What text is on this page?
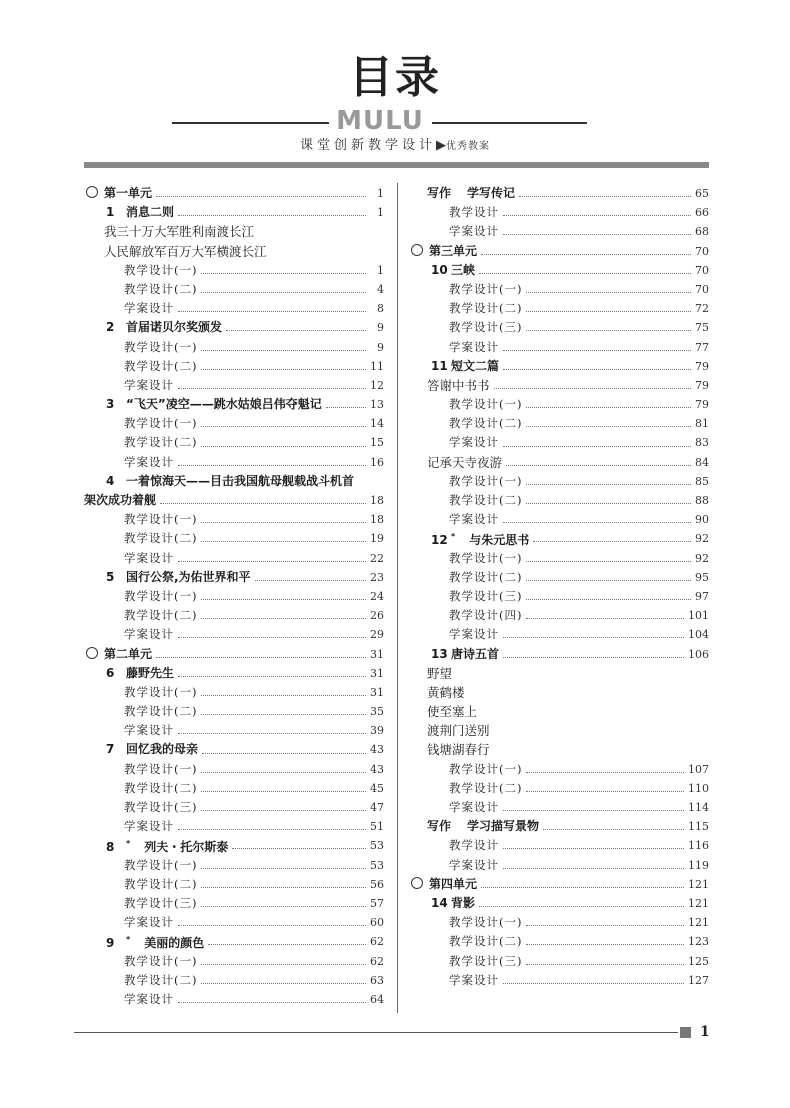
目录
MULU
课堂创新教学设计▶优秀教案
第一单元	1
1 消息二则	1
我三十万大军胜利南渡长江
人民解放军百万大军横渡长江
教学设计(一)	1
教学设计(二)	4
学案设计	8
2 首届诺贝尔奖颁发	9
教学设计(一)	9
教学设计(二)	11
学案设计	12
3 “飞天”凌空——跳水姑娘吕伟夺魁记	13
教学设计(一)	14
教学设计(二)	15
学案设计	16
4 一着惊海天——目击我国航母舰载战斗机首
架次成功着舰	18
教学设计(一)	18
教学设计(二)	19
学案设计	22
5 国行公祭,为佑世界和平	23
教学设计(一)	24
教学设计(二)	26
学案设计	29
第二单元	31
6 藤野先生	31
教学设计(一)	31
教学设计(二)	35
学案设计	39
7 回忆我的母亲	43
教学设计(一)	43
教学设计(二)	45
教学设计(三)	47
学案设计	51
8 * 列夫・托尔斯泰	53
教学设计(一)	53
教学设计(二)	56
教学设计(三)	57
学案设计	60
9 * 美丽的颜色	62
教学设计(一)	62
教学设计(二)	63
学案设计	64
写作 学写传记	65
教学设计	66
学案设计	68
第三单元	70
10 三峡	70
教学设计(一)	70
教学设计(二)	72
教学设计(三)	75
学案设计	77
11 短文二篇	79
答谢中书书	79
教学设计(一)	79
教学设计(二)	81
学案设计	83
记承天寺夜游	84
教学设计(一)	85
教学设计(二)	88
学案设计	90
12 * 与朱元思书	92
教学设计(一)	92
教学设计(二)	95
教学设计(三)	97
教学设计(四)	101
学案设计	104
13 唐诗五首	106
野望
黄鹤楼
使至塞上
渡荆门送别
钱塘湖春行
教学设计(一)	107
教学设计(二)	110
学案设计	114
写作 学习描写景物	115
教学设计	116
学案设计	119
第四单元	121
14 背影	121
教学设计(一)	121
教学设计(二)	123
教学设计(三)	125
学案设计	127
1
